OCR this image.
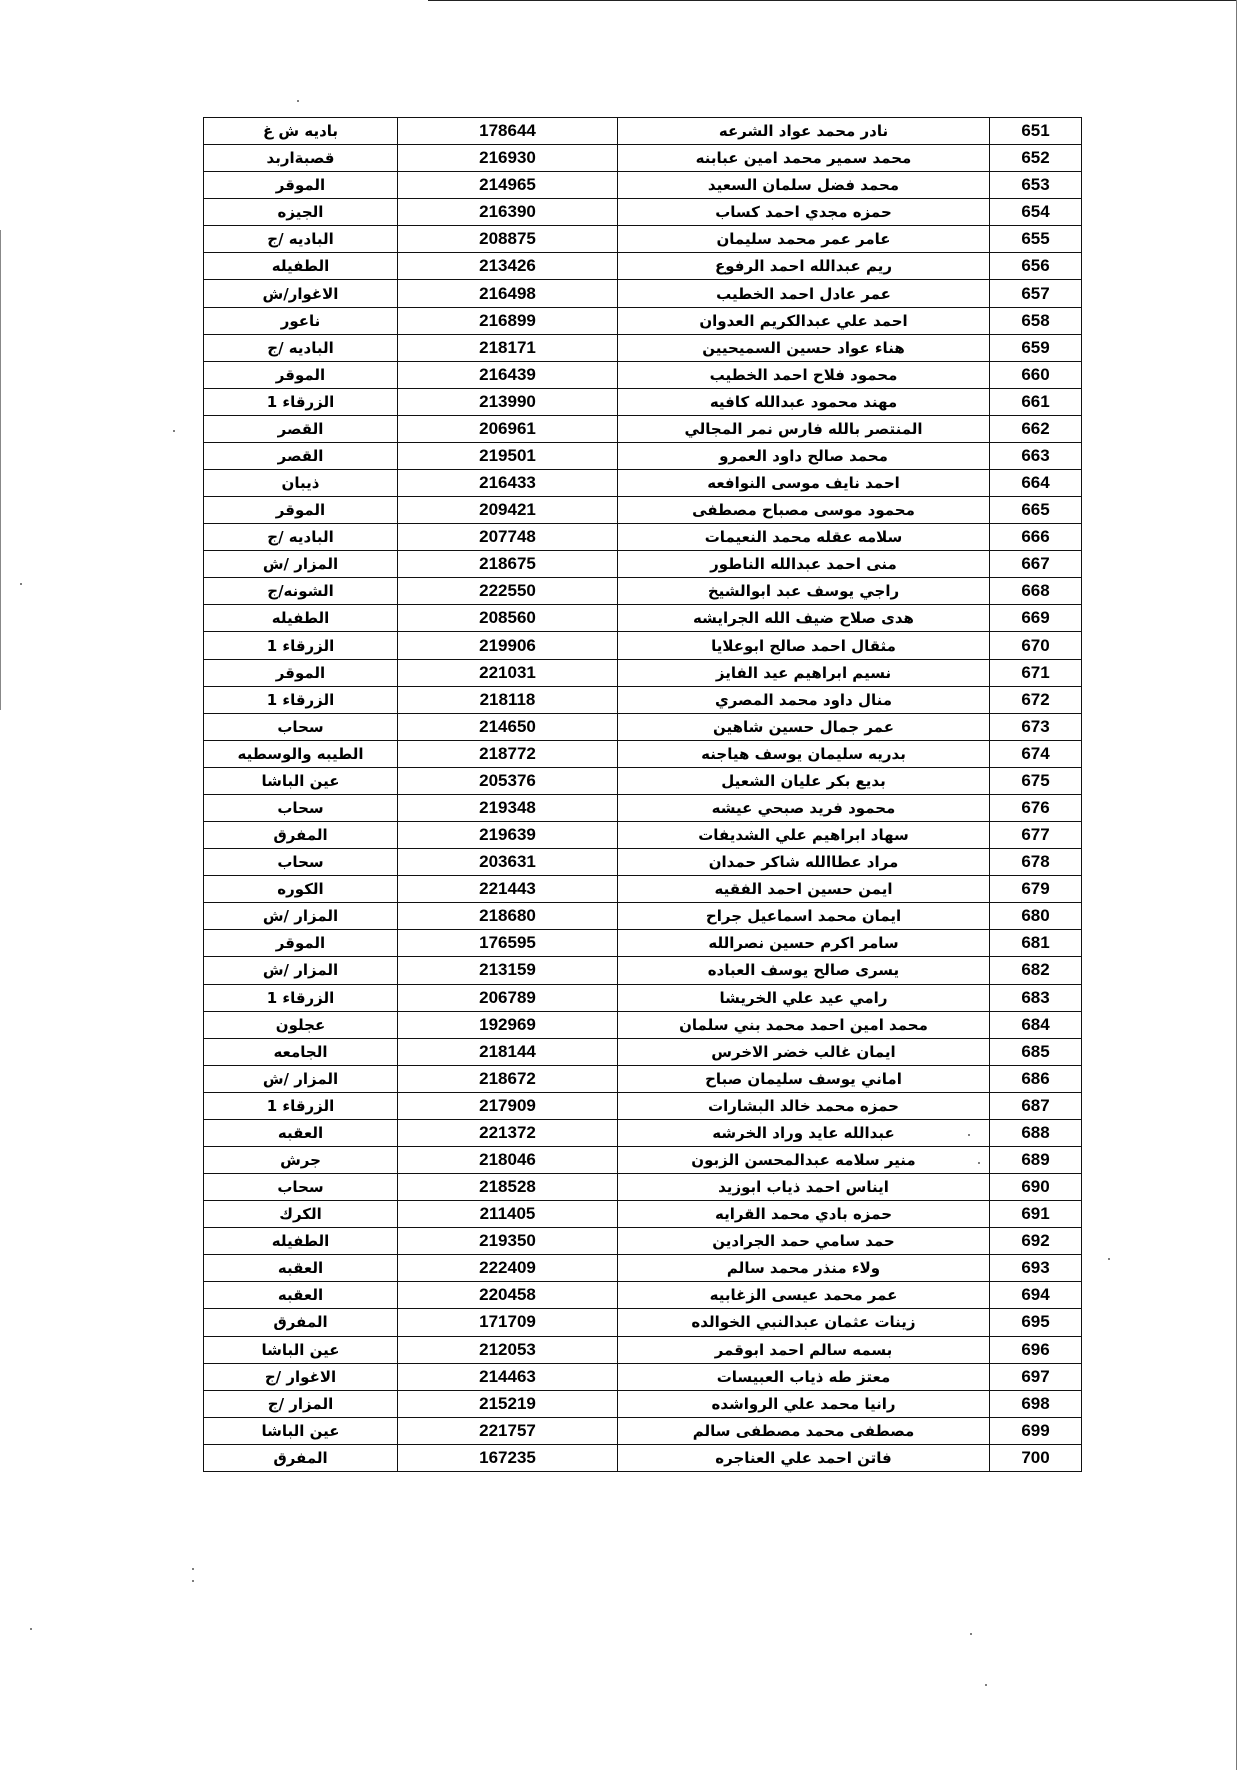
باديه ش غ	178644	نادر محمد عواد الشرعه	651
قصبةاربد	216930	محمد سمير محمد امين عبابنه	652
الموقر	214965	محمد فضل سلمان السعيد	653
الجيزه	216390	حمزه مجدي احمد كساب	654
الباديه /ج	208875	عامر عمر محمد سليمان	655
الطفيله	213426	ريم عبدالله احمد الرفوع	656
الاغوار/ش	216498	عمر عادل احمد الخطيب	657
ناعور	216899	احمد علي عبدالكريم العدوان	658
الباديه /ج	218171	هناء عواد حسين السميحيين	659
الموقر	216439	محمود فلاح احمد الخطيب	660
الزرقاء 1	213990	مهند محمود عبدالله كافيه	661
القصر	206961	المنتصر بالله فارس نمر المجالي	662
القصر	219501	محمد صالح داود العمرو	663
ذيبان	216433	احمد نايف موسى النوافعه	664
الموقر	209421	محمود موسى مصباح مصطفى	665
الباديه /ج	207748	سلامه عقله محمد النعيمات	666
المزار /ش	218675	منى احمد عبدالله الناطور	667
الشونه/ج	222550	راجي يوسف عبد ابوالشيخ	668
الطفيله	208560	هدى صلاح ضيف الله الجرايشه	669
الزرقاء 1	219906	مثقال احمد صالح ابوعلايا	670
الموقر	221031	نسيم ابراهيم عيد الفايز	671
الزرقاء 1	218118	منال داود محمد المصري	672
سحاب	214650	عمر جمال حسين شاهين	673
الطيبه والوسطيه	218772	بدريه سليمان يوسف هياجنه	674
عين الباشا	205376	بديع بكر عليان الشعيل	675
سحاب	219348	محمود فريد صبحي عيشه	676
المفرق	219639	سهاد ابراهيم علي الشديفات	677
سحاب	203631	مراد عطاالله شاكر حمدان	678
الكوره	221443	ايمن حسين احمد الفقيه	679
المزار /ش	218680	ايمان محمد اسماعيل جراح	680
الموقر	176595	سامر اكرم حسين نصرالله	681
المزار /ش	213159	يسرى صالح يوسف العباده	682
الزرقاء 1	206789	رامي عيد علي الخريشا	683
عجلون	192969	محمد امين احمد محمد بني سلمان	684
الجامعه	218144	ايمان غالب خضر الاخرس	685
المزار /ش	218672	اماني يوسف سليمان صباح	686
الزرقاء 1	217909	حمزه محمد خالد البشارات	687
العقبه	221372	عبدالله عايد وراد الخرشه	688
جرش	218046	منير سلامه عبدالمحسن الزبون	689
سحاب	218528	ايناس احمد ذياب ابوزيد	690
الكرك	211405	حمزه بادي محمد القرايه	691
الطفيله	219350	حمد سامي حمد الجرادين	692
العقبه	222409	ولاء منذر محمد سالم	693
العقبه	220458	عمر محمد عيسى الزغابيه	694
المفرق	171709	زينات عثمان عبدالنبي الخوالده	695
عين الباشا	212053	بسمه سالم احمد ابوقمر	696
الاغوار /ج	214463	معتز طه ذياب العبيسات	697
المزار /ج	215219	رانيا محمد علي الرواشده	698
عين الباشا	221757	مصطفى محمد مصطفى سالم	699
المفرق	167235	فاتن احمد علي العناجره	700
